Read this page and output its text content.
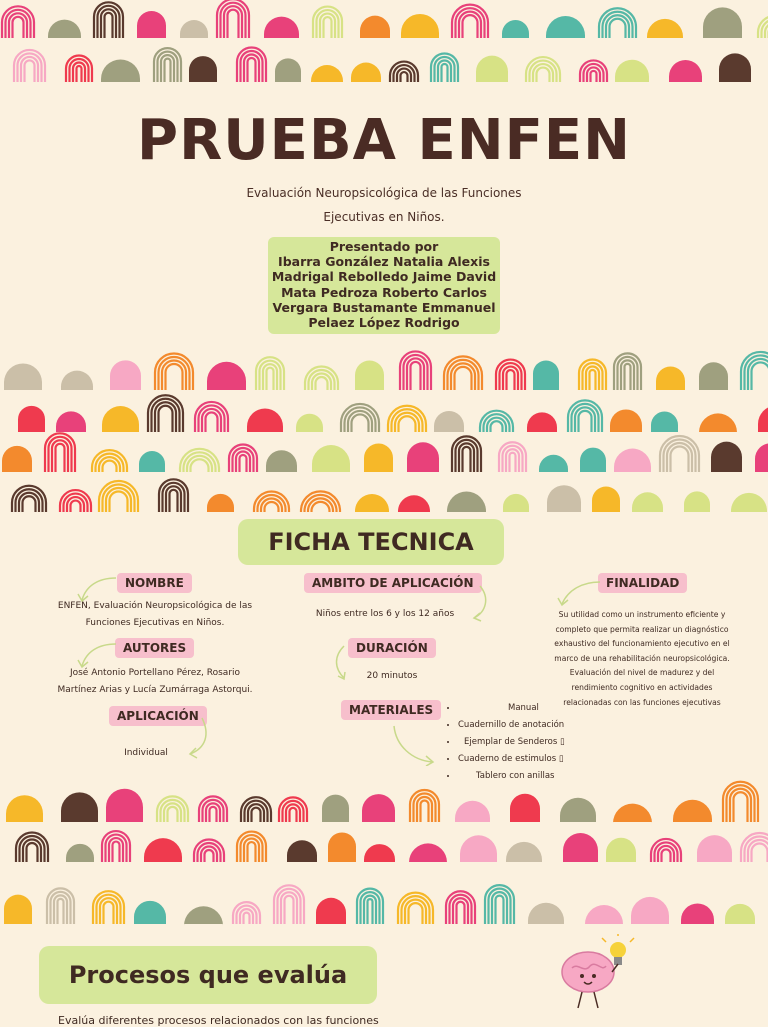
PRUEBA ENFEN
Evaluación Neuropsicológica de las Funciones
Ejecutivas en Niños.
Presentado por
Ibarra González Natalia Alexis
Madrigal Rebolledo Jaime David
Mata Pedroza Roberto Carlos
Vergara Bustamante Emmanuel
Pelaez López Rodrigo
FICHA TECNICA
NOMBRE
ENFEN, Evaluación Neuropsicológica de las
Funciones Ejecutivas en Niños.
AUTORES
José Antonio Portellano Pérez, Rosario
Martínez Arias y Lucía Zumárraga Astorqui.
APLICACIÓN
Individual
AMBITO DE APLICACIÓN
Niños entre los 6 y los 12 años
DURACIÓN
20 minutos
MATERIALES
•	Manual
• Cuadernillo de anotación
• Ejemplar de Senderos ▯
• Cuaderno de estimulos ▯
• Tablero con anillas
FINALIDAD
Su utilidad como un instrumento eficiente y
completo que permita realizar un diagnóstico
exhaustivo del funcionamiento ejecutivo en el
marco de una rehabilitación neuropsicológica.
Evaluación del nivel de madurez y del
rendimiento cognitivo en actividades
relacionadas con las funciones ejecutivas
Procesos que evalúa
Evalúa diferentes procesos relacionados con las funciones
